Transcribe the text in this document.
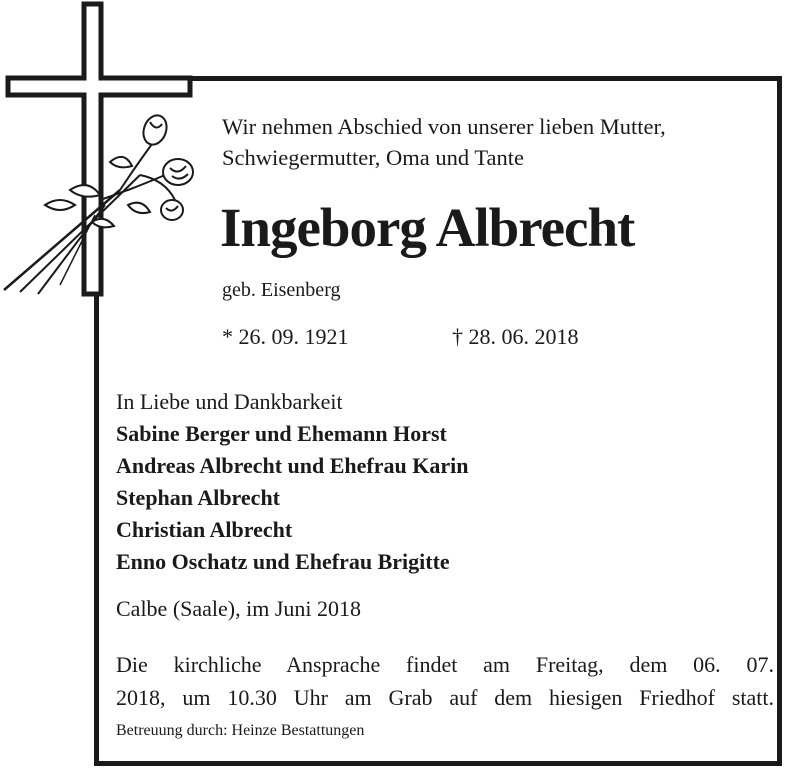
Wir nehmen Abschied von unserer lieben Mutter,
Schwiegermutter, Oma und Tante
Ingeborg Albrecht
geb. Eisenberg
* 26. 09. 1921	† 28. 06. 2018
In Liebe und Dankbarkeit
Sabine Berger und Ehemann Horst
Andreas Albrecht und Ehefrau Karin
Stephan Albrecht
Christian Albrecht
Enno Oschatz und Ehefrau Brigitte
Calbe (Saale), im Juni 2018
Die kirchliche Ansprache findet am Freitag, dem 06. 07.
2018, um 10.30 Uhr am Grab auf dem hiesigen Friedhof statt.
Betreuung durch: Heinze Bestattungen
